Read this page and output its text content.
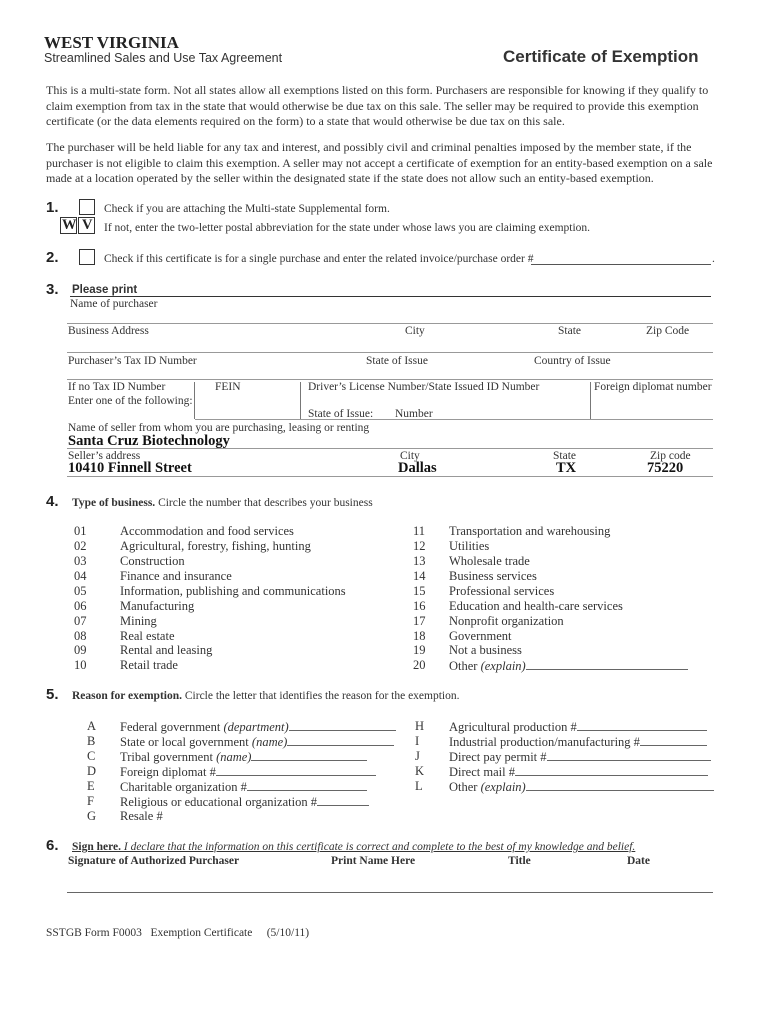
WEST VIRGINIA
Streamlined Sales and Use Tax Agreement	Certificate of Exemption
This is a multi-state form. Not all states allow all exemptions listed on this form. Purchasers are responsible for knowing if they qualify to claim exemption from tax in the state that would otherwise be due tax on this sale. The seller may be required to provide this exemption certificate (or the data elements required on the form) to a state that would otherwise be due tax on this sale.
The purchaser will be held liable for any tax and interest, and possibly civil and criminal penalties imposed by the member state, if the purchaser is not eligible to claim this exemption. A seller may not accept a certificate of exemption for an entity-based exemption on a sale made at a location operated by the seller within the designated state if the state does not allow such an entity-based exemption.
1.	Check if you are attaching the Multi-state Supplemental form.
W V If not, enter the two-letter postal abbreviation for the state under whose laws you are claiming exemption.
2.	Check if this certificate is for a single purchase and enter the related invoice/purchase order #	.
3. Please print
Name of purchaser
Business Address	City	State	Zip Code
Purchaser’s Tax ID Number	State of Issue	Country of Issue
If no Tax ID Number
Enter one of the following:
FEIN	Driver’s License Number/State Issued ID Number	Foreign diplomat number
State of Issue: Number
Name of seller from whom you are purchasing, leasing or renting
Santa Cruz Biotechnology
Seller’s address	City	State	Zip code
10410 Finnell Street	Dallas	TX	75220
4. Type of business. Circle the number that describes your business
01	Accommodation and food services
02	Agricultural, forestry, fishing, hunting
03	Construction
04	Finance and insurance
05	Information, publishing and communications
06	Manufacturing
07	Mining
08	Real estate
09	Rental and leasing
10	Retail trade
11 Transportation and warehousing
12 Utilities
13 Wholesale trade
14 Business services
15 Professional services
16 Education and health-care services
17 Nonprofit organization
18 Government
19 Not a business
20 Other (explain)
5. Reason for exemption. Circle the letter that identifies the reason for the exemption.
A Federal government (department)
B State or local government (name)
C Tribal government (name)
D Foreign diplomat #
E Charitable organization #
F Religious or educational organization #
G Resale #
H Agricultural production #
I Industrial production/manufacturing #
J Direct pay permit #
K Direct mail #
L Other (explain)
6. Sign here. I declare that the information on this certificate is correct and complete to the best of my knowledge and belief.
Signature of Authorized Purchaser	Print Name Here	Title	Date
SSTGB Form F0003   Exemption Certificate     (5/10/11)
